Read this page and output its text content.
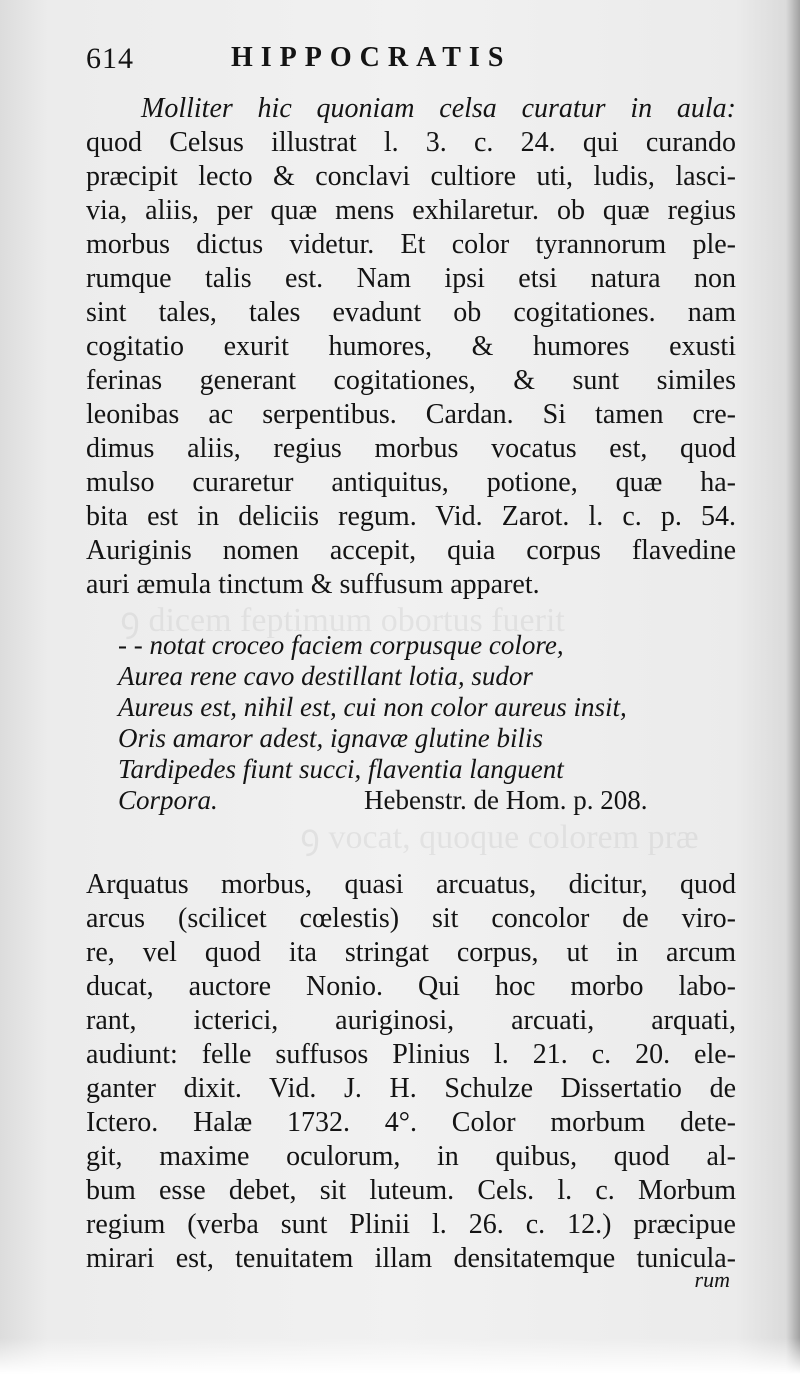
ꝯ dicem feptimum obortus fuerit
ꝯ vocat, quoque colorem præ
614	HIPPOCRATIS
Molliter hic quoniam celsa curatur in aula:
quod Celsus illustrat l. 3. c. 24. qui curando
præcipit lecto & conclavi cultiore uti, ludis, lasci-
via, aliis, per quæ mens exhilaretur. ob quæ regius
morbus dictus videtur. Et color tyrannorum ple-
rumque talis est. Nam ipsi etsi natura non
sint tales, tales evadunt ob cogitationes. nam
cogitatio exurit humores, & humores exusti
ferinas generant cogitationes, & sunt similes
leonibas ac serpentibus. Cardan. Si tamen cre-
dimus aliis, regius morbus vocatus est, quod
mulso curaretur antiquitus, potione, quæ ha-
bita est in deliciis regum. Vid. Zarot. l. c. p. 54.
Auriginis nomen accepit, quia corpus flavedine
auri æmula tinctum & suffusum apparet.
- - notat croceo faciem corpusque colore,
Aurea rene cavo destillant lotia, sudor
Aureus est, nihil est, cui non color aureus insit,
Oris amaror adest, ignavæ glutine bilis
Tardipedes fiunt succi, flaventia languent
Corpora.	Hebenstr. de Hom. p. 208.
Arquatus morbus, quasi arcuatus, dicitur, quod
arcus (scilicet cœlestis) sit concolor de viro-
re, vel quod ita stringat corpus, ut in arcum
ducat, auctore Nonio. Qui hoc morbo labo-
rant, icterici, auriginosi, arcuati, arquati,
audiunt: felle suffusos Plinius l. 21. c. 20. ele-
ganter dixit. Vid. J. H. Schulze Dissertatio de
Ictero. Halæ 1732. 4°. Color morbum dete-
git, maxime oculorum, in quibus, quod al-
bum esse debet, sit luteum. Cels. l. c. Morbum
regium (verba sunt Plinii l. 26. c. 12.) præcipue
mirari est, tenuitatem illam densitatemque tunicula-
rum
